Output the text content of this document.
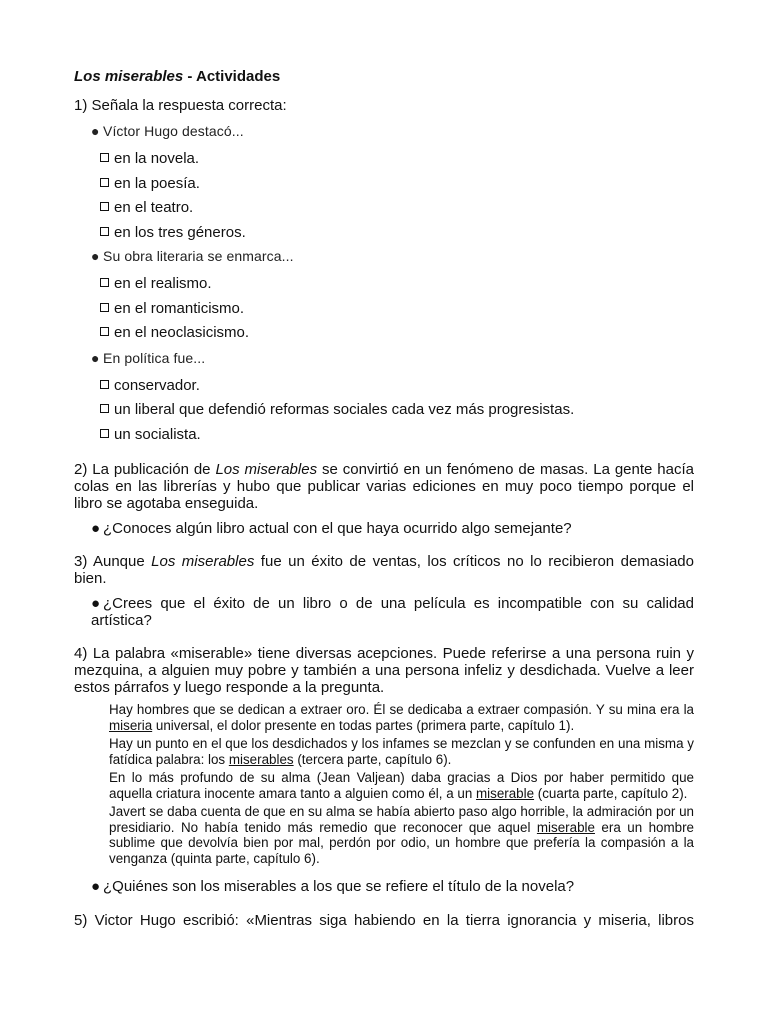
Los miserables - Actividades

1) Señala la respuesta correcta:

● Víctor Hugo destacó...

en la novela.
en la poesía.
en el teatro.
en los tres géneros.

● Su obra literaria se enmarca...

en el realismo.
en el romanticismo.
en el neoclasicismo.

● En política fue...

conservador.
un liberal que defendió reformas sociales cada vez más progresistas.
un socialista.

2) La publicación de Los miserables se convirtió en un fenómeno de masas. La gente hacía colas en las librerías y hubo que publicar varias ediciones en muy poco tiempo porque el libro se agotaba enseguida.

● ¿Conoces algún libro actual con el que haya ocurrido algo semejante?

3) Aunque Los miserables fue un éxito de ventas, los críticos no lo recibieron demasiado bien.

● ¿Crees que el éxito de un libro o de una película es incompatible con su calidad artística?

4) La palabra «miserable» tiene diversas acepciones. Puede referirse a una persona ruin y mezquina, a alguien muy pobre y también a una persona infeliz y desdichada. Vuelve a leer estos párrafos y luego responde a la pregunta.

Hay hombres que se dedican a extraer oro. Él se dedicaba a extraer compasión. Y su mina era la miseria universal, el dolor presente en todas partes (primera parte, capítulo 1).

Hay un punto en el que los desdichados y los infames se mezclan y se confunden en una misma y fatídica palabra: los miserables (tercera parte, capítulo 6).

En lo más profundo de su alma (Jean Valjean) daba gracias a Dios por haber permitido que aquella criatura inocente amara tanto a alguien como él, a un miserable (cuarta parte, capítulo 2).

Javert se daba cuenta de que en su alma se había abierto paso algo horrible, la admiración por un presidiario. No había tenido más remedio que reconocer que aquel miserable era un hombre sublime que devolvía bien por mal, perdón por odio, un hombre que prefería la compasión a la venganza (quinta parte, capítulo 6).

● ¿Quiénes son los miserables a los que se refiere el título de la novela?

5) Victor Hugo escribió: «Mientras siga habiendo en la tierra ignorancia y miseria, libros
